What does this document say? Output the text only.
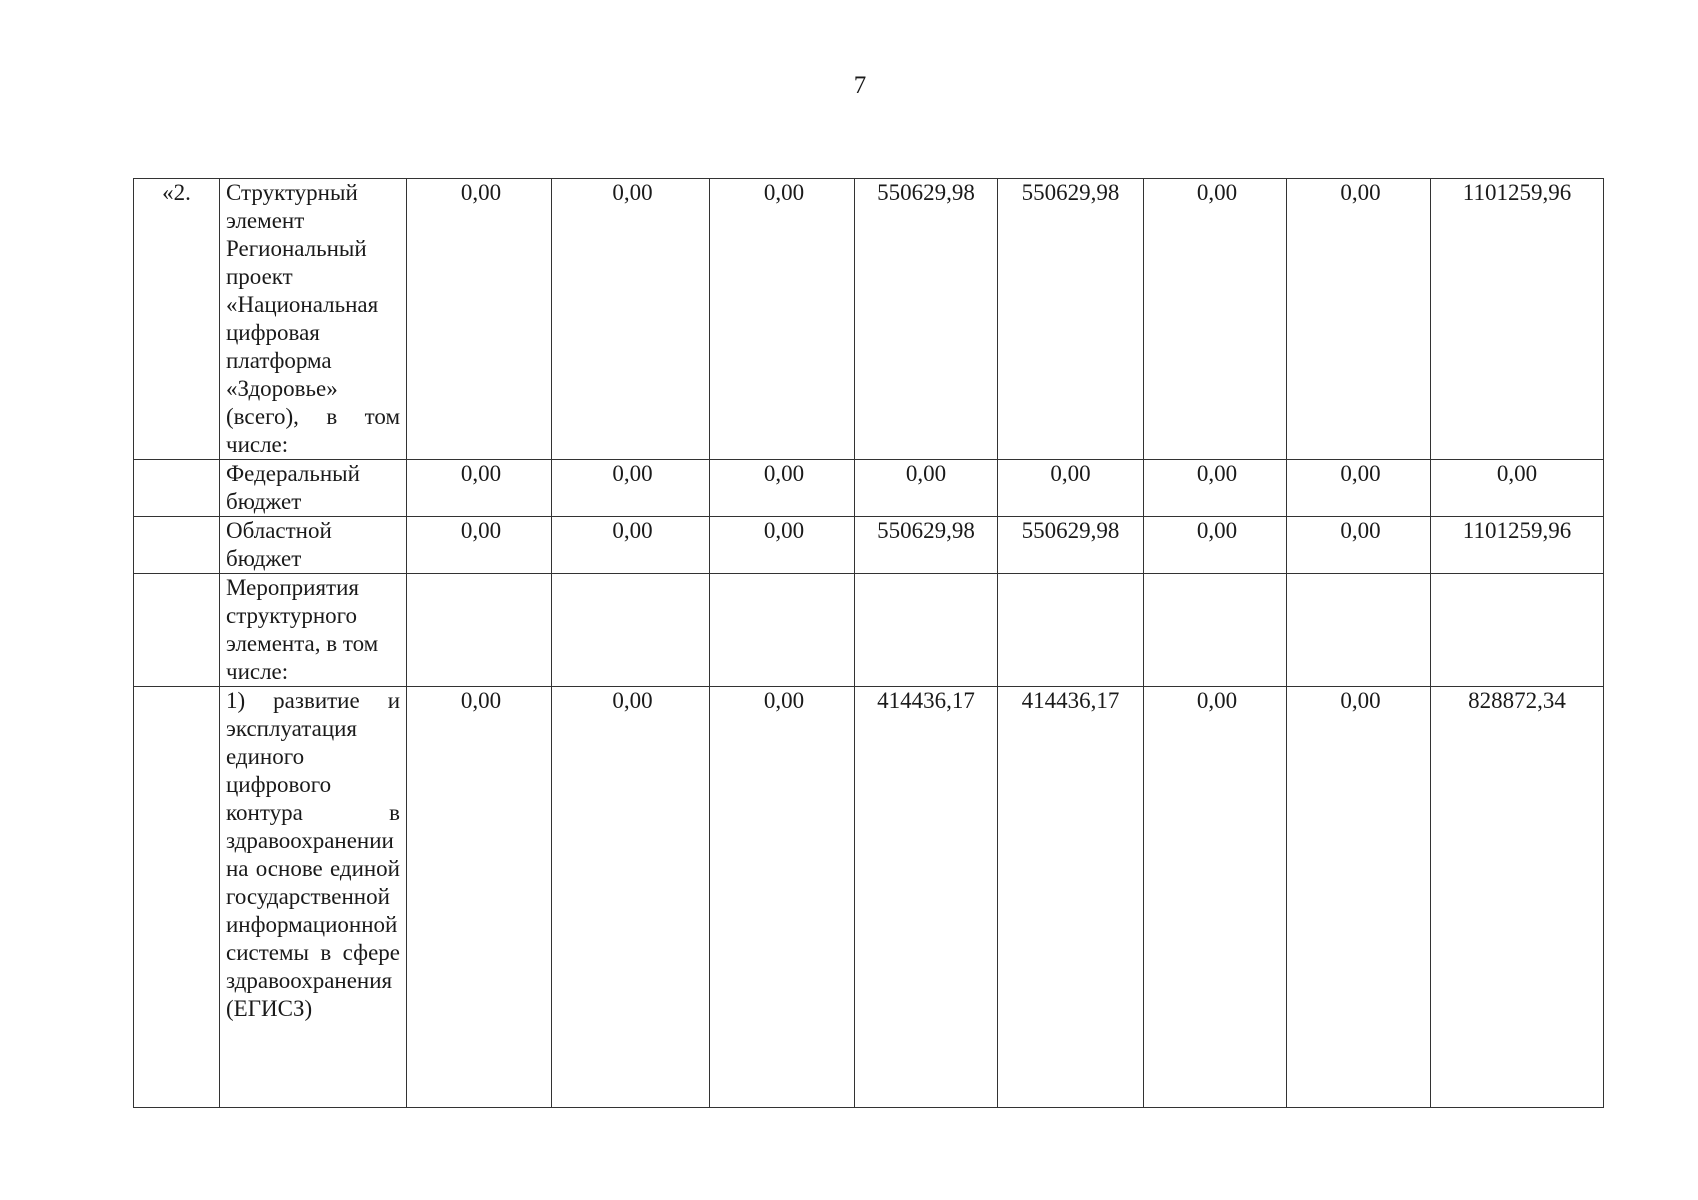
7
«2.	Структурный элемент Региональный проект «Национальная цифровая платформа «Здоровье» (всего), в том числе:	0,00	0,00	0,00	550629,98	550629,98	0,00	0,00	1101259,96

	Федеральный бюджет	0,00	0,00	0,00	0,00	0,00	0,00	0,00	0,00

	Областной бюджет	0,00	0,00	0,00	550629,98	550629,98	0,00	0,00	1101259,96

	Мероприятия структурного элемента, в том числе:								

	1) развитие и эксплуатация единого цифрового контура в здравоохранении на основе единой государственной информационной системы в сфере здравоохранения (ЕГИСЗ)	0,00	0,00	0,00	414436,17	414436,17	0,00	0,00	828872,34
